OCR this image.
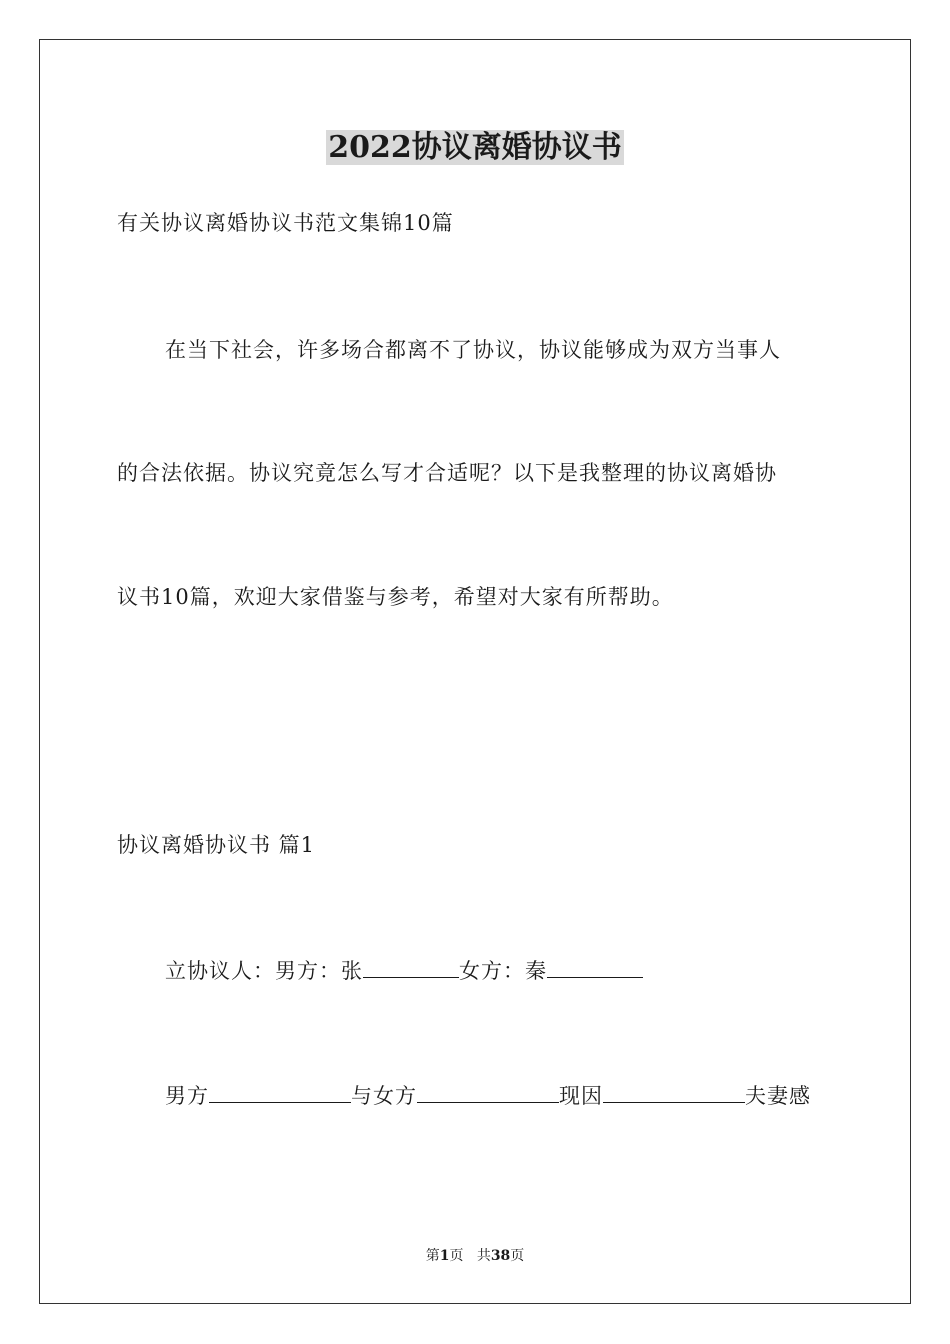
2022协议离婚协议书
有关协议离婚协议书范文集锦10篇
在当下社会，许多场合都离不了协议，协议能够成为双方当事人
的合法依据。协议究竟怎么写才合适呢？以下是我整理的协议离婚协
议书10篇，欢迎大家借鉴与参考，希望对大家有所帮助。
协议离婚协议书 篇1
立协议人：男方：张	女方：秦
男方	与女方	现因	夫妻感
第1页 共38页
